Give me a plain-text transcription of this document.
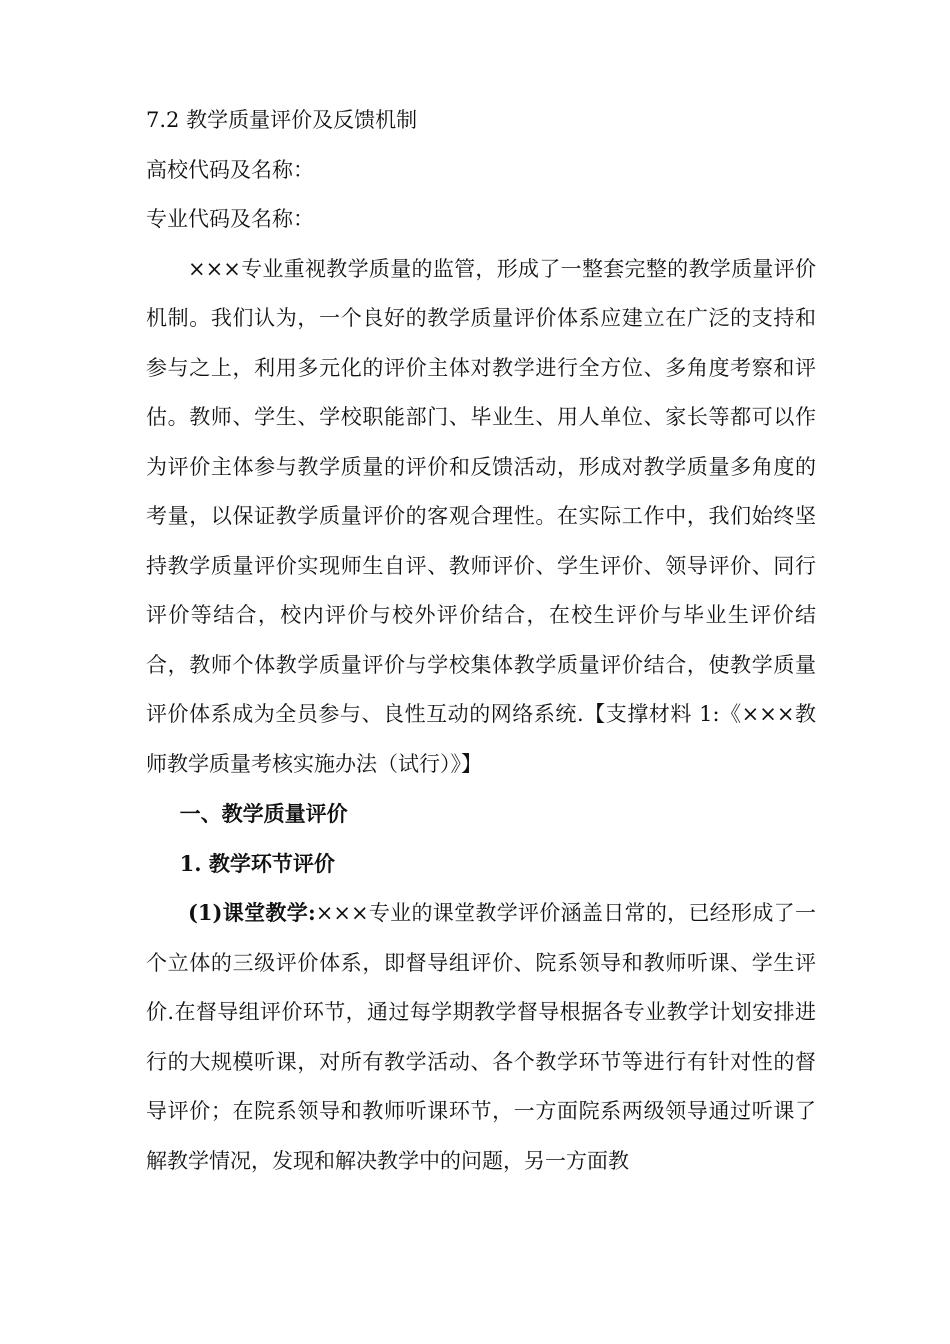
7.2 教学质量评价及反馈机制

高校代码及名称：

专业代码及名称：

×××专业重视教学质量的监管，形成了一整套完整的教学质量评价机制。我们认为，一个良好的教学质量评价体系应建立在广泛的支持和参与之上，利用多元化的评价主体对教学进行全方位、多角度考察和评估。教师、学生、学校职能部门、毕业生、用人单位、家长等都可以作为评价主体参与教学质量的评价和反馈活动，形成对教学质量多角度的考量，以保证教学质量评价的客观合理性。在实际工作中，我们始终坚持教学质量评价实现师生自评、教师评价、学生评价、领导评价、同行评价等结合，校内评价与校外评价结合，在校生评价与毕业生评价结合，教师个体教学质量评价与学校集体教学质量评价结合，使教学质量评价体系成为全员参与、良性互动的网络系统.【支撑材料 1:《×××教师教学质量考核实施办法（试行）》】

一、教学质量评价

1. 教学环节评价

(1)课堂教学:×××专业的课堂教学评价涵盖日常的，已经形成了一个立体的三级评价体系，即督导组评价、院系领导和教师听课、学生评价.在督导组评价环节，通过每学期教学督导根据各专业教学计划安排进行的大规模听课，对所有教学活动、各个教学环节等进行有针对性的督导评价；在院系领导和教师听课环节，一方面院系两级领导通过听课了解教学情况，发现和解决教学中的问题，另一方面教
